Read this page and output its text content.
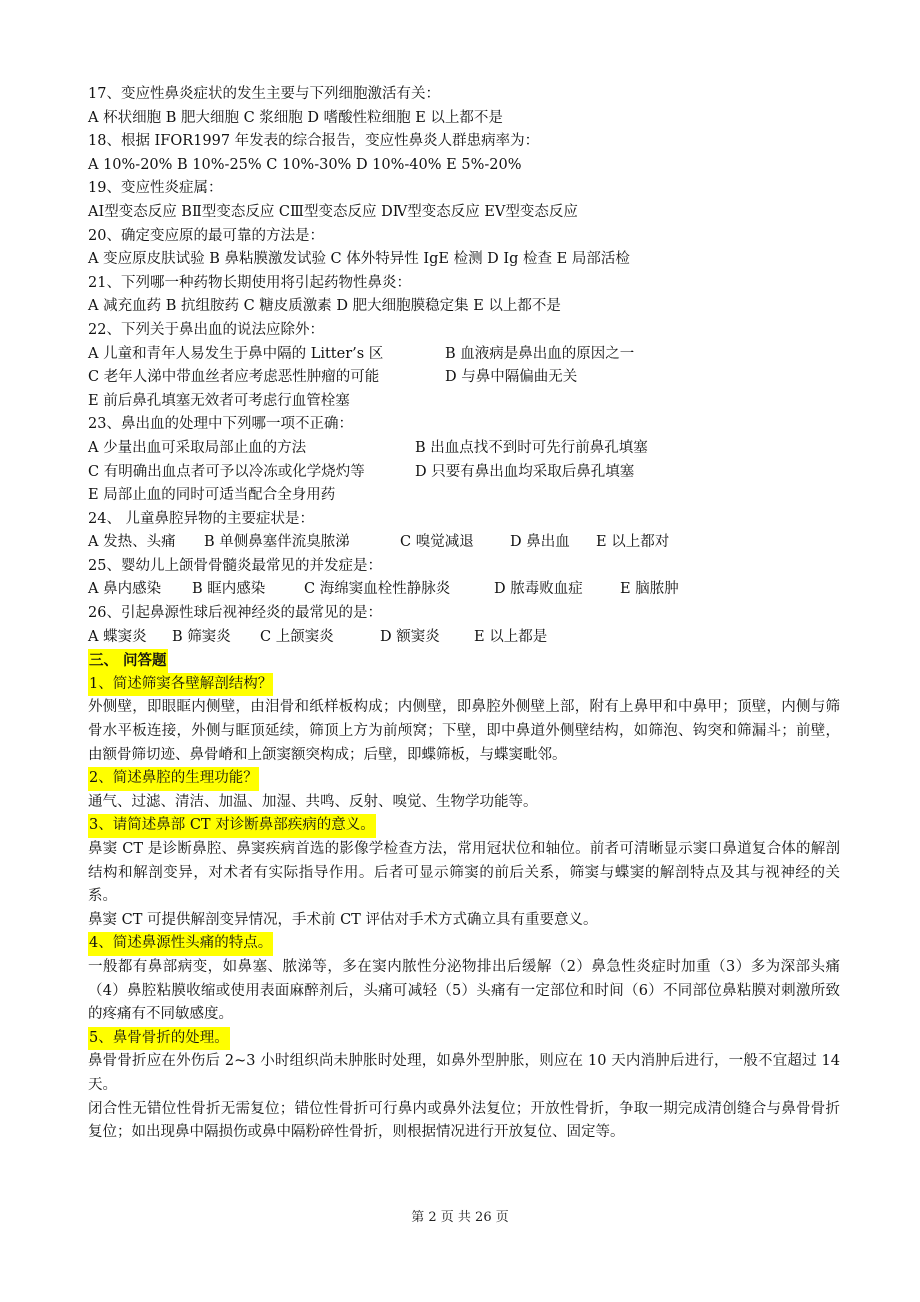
17、变应性鼻炎症状的发生主要与下列细胞激活有关：
A 杯状细胞 B 肥大细胞 C 浆细胞 D 嗜酸性粒细胞 E 以上都不是
18、根据 IFOR1997 年发表的综合报告，变应性鼻炎人群患病率为：
A 10%-20% B 10%-25% C 10%-30% D 10%-40% E 5%-20%
19、变应性炎症属：
AⅠ型变态反应 BⅡ型变态反应 CⅢ型变态反应 DⅣ型变态反应 EⅤ型变态反应
20、确定变应原的最可靠的方法是：
A 变应原皮肤试验 B 鼻粘膜激发试验 C 体外特异性 IgE 检测 D Ig 检查 E 局部活检
21、下列哪一种药物长期使用将引起药物性鼻炎：
A 减充血药 B 抗组胺药 C 糖皮质激素 D 肥大细胞膜稳定集 E 以上都不是
22、下列关于鼻出血的说法应除外：
A 儿童和青年人易发生于鼻中隔的 Litter’s 区	B 血液病是鼻出血的原因之一
C 老年人涕中带血丝者应考虑恶性肿瘤的可能	D 与鼻中隔偏曲无关
E 前后鼻孔填塞无效者可考虑行血管栓塞
23、鼻出血的处理中下列哪一项不正确：
A 少量出血可采取局部止血的方法	B 出血点找不到时可先行前鼻孔填塞
C 有明确出血点者可予以冷冻或化学烧灼等	D 只要有鼻出血均采取后鼻孔填塞
E 局部止血的同时可适当配合全身用药
24、 儿童鼻腔异物的主要症状是：
A 发热、头痛 B 单侧鼻塞伴流臭脓涕	C 嗅觉减退	D 鼻出血 E 以上都对
25、婴幼儿上颌骨骨髓炎最常见的并发症是：
A 鼻内感染 B 眶内感染	C 海绵窦血栓性静脉炎	D 脓毒败血症	E 脑脓肿
26、引起鼻源性球后视神经炎的最常见的是：
A 蝶窦炎 B 筛窦炎 C 上颌窦炎	D 额窦炎 E 以上都是
三、 问答题
1、简述筛窦各壁解剖结构？
外侧壁，即眼眶内侧壁，由泪骨和纸样板构成；内侧壁，即鼻腔外侧壁上部，附有上鼻甲和中鼻甲；顶壁，内侧与筛骨水平板连接，外侧与眶顶延续，筛顶上方为前颅窝；下壁，即中鼻道外侧壁结构，如筛泡、钩突和筛漏斗；前壁，由额骨筛切迹、鼻骨嵴和上颌窦额突构成；后壁，即蝶筛板，与蝶窦毗邻。
2、简述鼻腔的生理功能？
通气、过滤、清洁、加温、加湿、共鸣、反射、嗅觉、生物学功能等。
3、请简述鼻部 CT 对诊断鼻部疾病的意义。
鼻窦 CT 是诊断鼻腔、鼻窦疾病首选的影像学检查方法，常用冠状位和轴位。前者可清晰显示窦口鼻道复合体的解剖结构和解剖变异，对术者有实际指导作用。后者可显示筛窦的前后关系，筛窦与蝶窦的解剖特点及其与视神经的关系。
鼻窦 CT 可提供解剖变异情况，手术前 CT 评估对手术方式确立具有重要意义。
4、简述鼻源性头痛的特点。
一般都有鼻部病变，如鼻塞、脓涕等，多在窦内脓性分泌物排出后缓解（2）鼻急性炎症时加重（3）多为深部头痛（4）鼻腔粘膜收缩或使用表面麻醉剂后，头痛可减轻（5）头痛有一定部位和时间（6）不同部位鼻粘膜对刺激所致的疼痛有不同敏感度。
5、鼻骨骨折的处理。
鼻骨骨折应在外伤后 2~3 小时组织尚未肿胀时处理，如鼻外型肿胀，则应在 10 天内消肿后进行，一般不宜超过 14 天。
闭合性无错位性骨折无需复位；错位性骨折可行鼻内或鼻外法复位；开放性骨折，争取一期完成清创缝合与鼻骨骨折复位；如出现鼻中隔损伤或鼻中隔粉碎性骨折，则根据情况进行开放复位、固定等。
第 2 页 共 26 页
